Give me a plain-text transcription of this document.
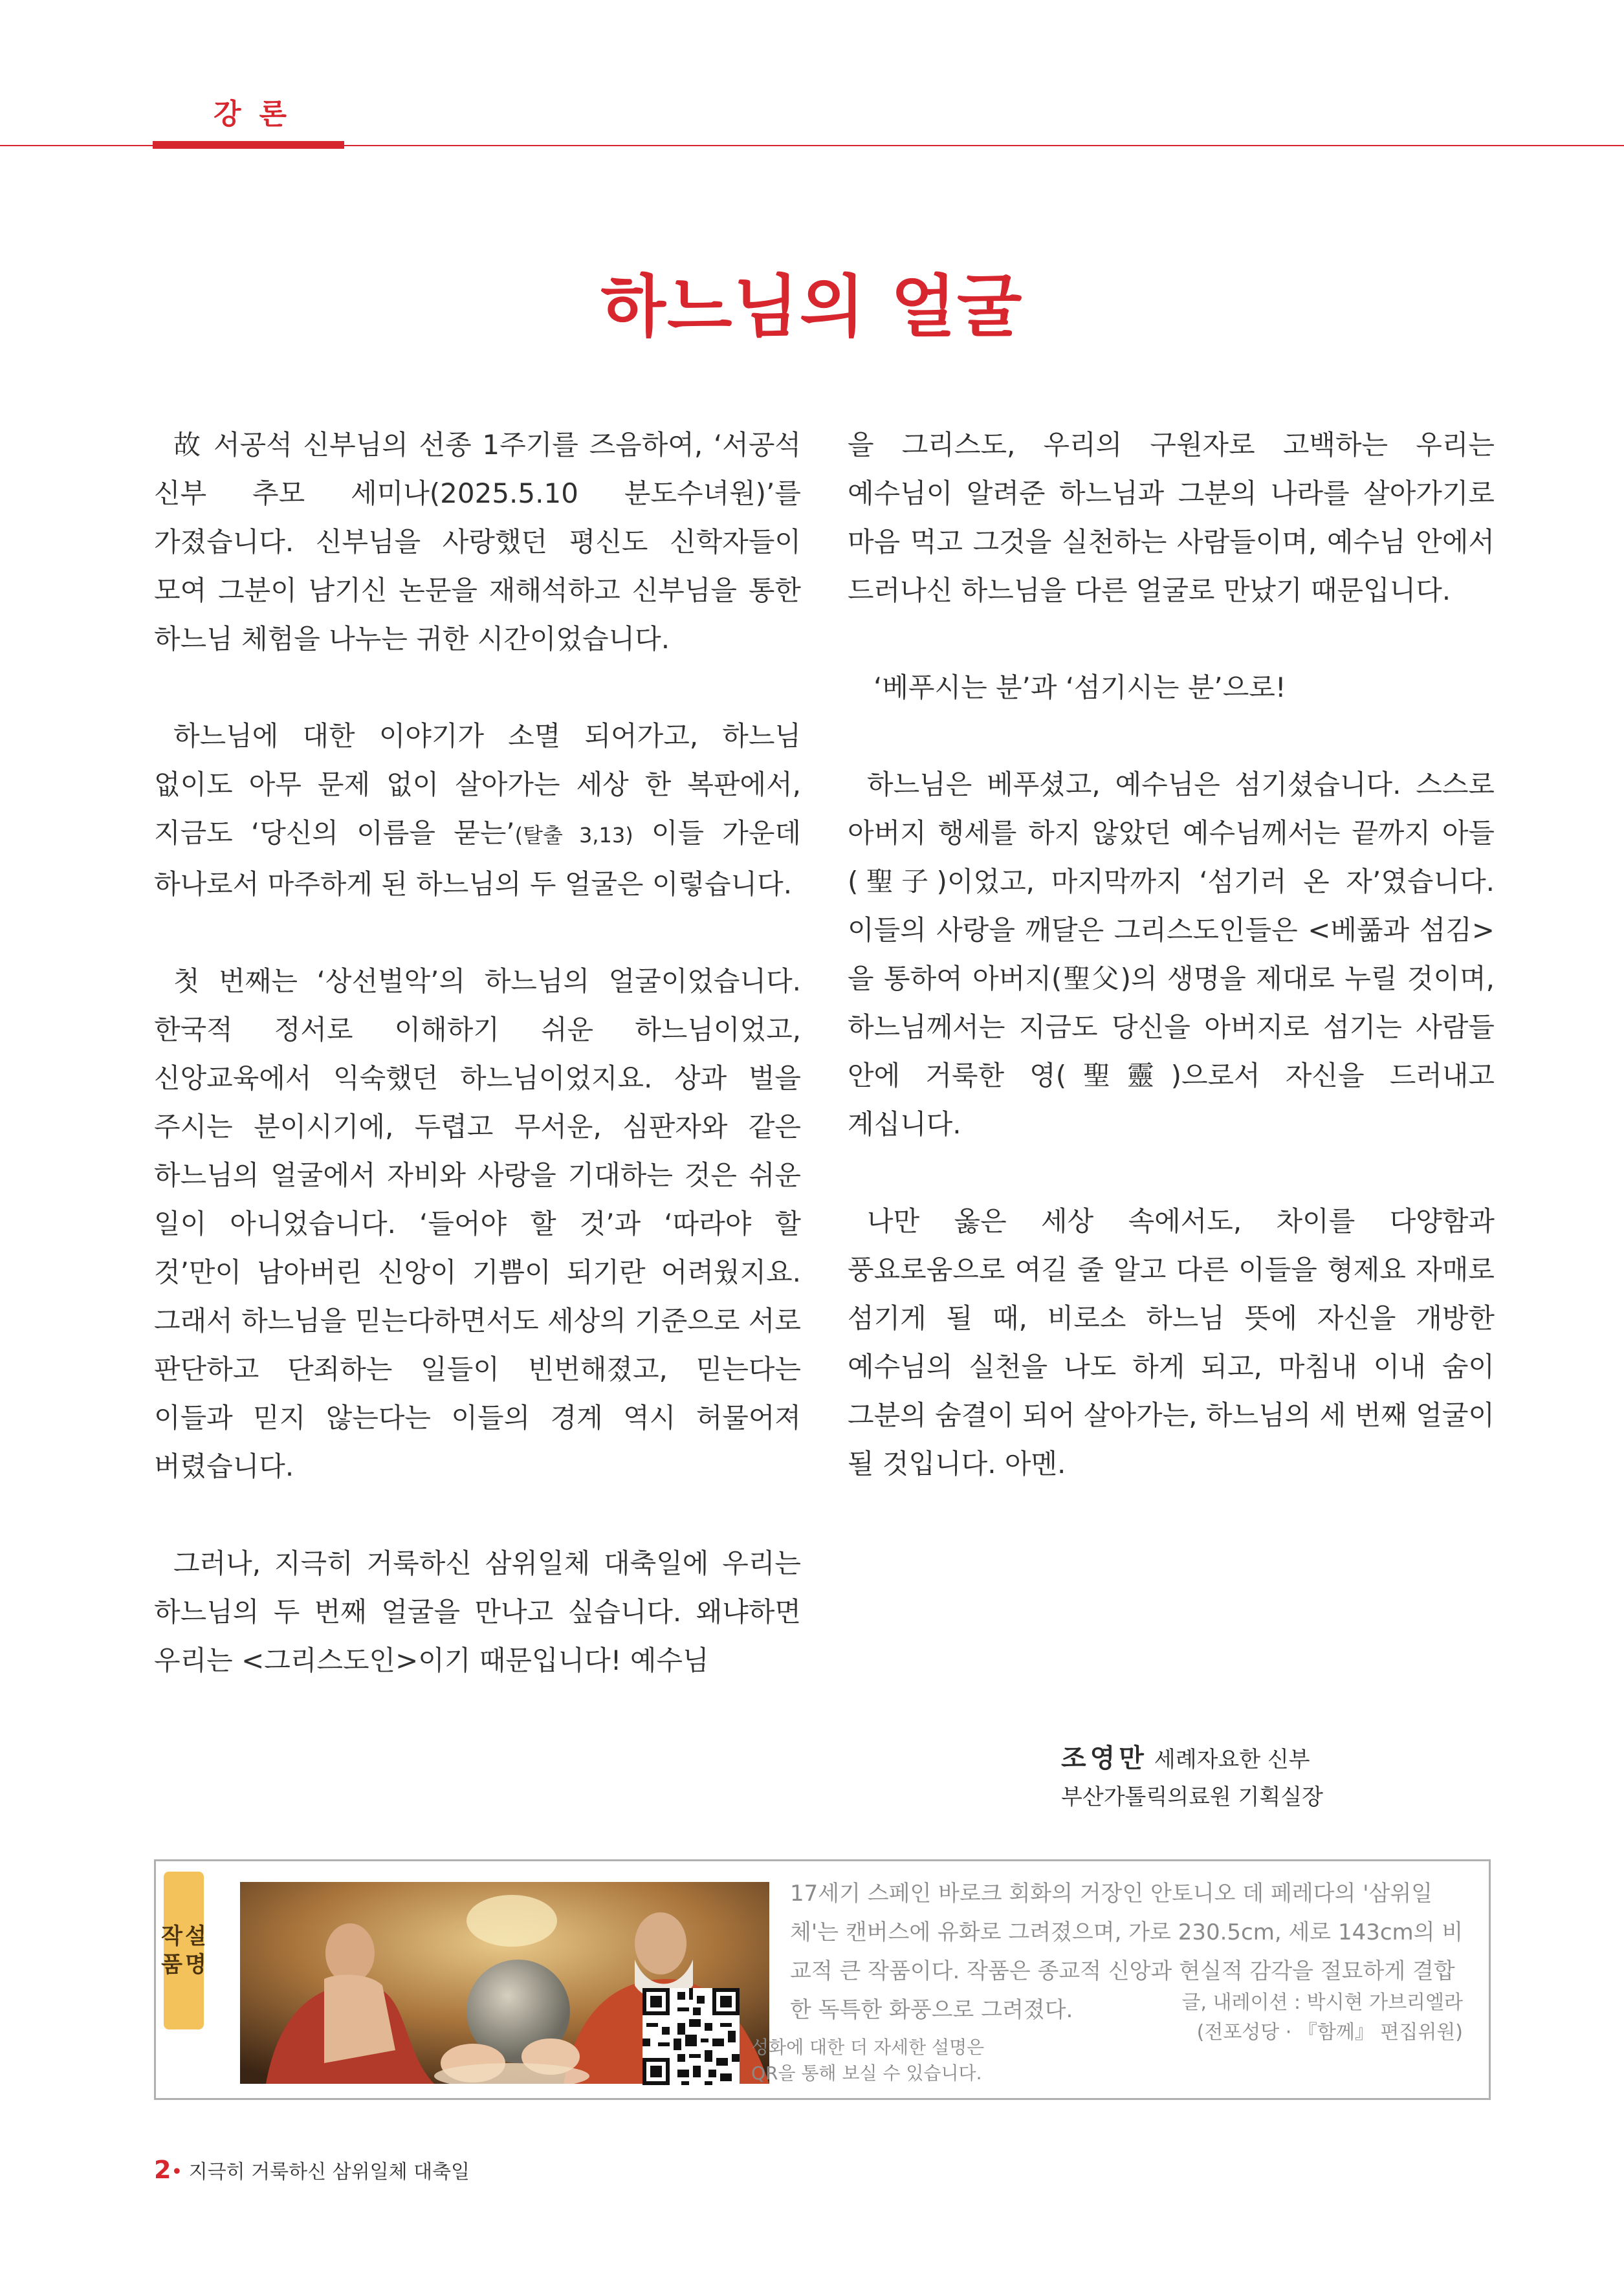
강론
하느님의 얼굴

故 서공석 신부님의 선종 1주기를 즈음하여, ‘서공석 신부 추모 세미나(2025.5.10 분도수녀원)’를 가졌습니다. 신부님을 사랑했던 평신도 신학자들이 모여 그분이 남기신 논문을 재해석하고 신부님을 통한 하느님 체험을 나누는 귀한 시간이었습니다.

하느님에 대한 이야기가 소멸 되어가고, 하느님 없이도 아무 문제 없이 살아가는 세상 한 복판에서, 지금도 ‘당신의 이름을 묻는’(탈출 3,13) 이들 가운데 하나로서 마주하게 된 하느님의 두 얼굴은 이렇습니다.

첫 번째는 ‘상선벌악’의 하느님의 얼굴이었습니다. 한국적 정서로 이해하기 쉬운 하느님이었고, 신앙교육에서 익숙했던 하느님이었지요. 상과 벌을 주시는 분이시기에, 두렵고 무서운, 심판자와 같은 하느님의 얼굴에서 자비와 사랑을 기대하는 것은 쉬운 일이 아니었습니다. ‘들어야 할 것’과 ‘따라야 할 것’만이 남아버린 신앙이 기쁨이 되기란 어려웠지요. 그래서 하느님을 믿는다하면서도 세상의 기준으로 서로 판단하고 단죄하는 일들이 빈번해졌고, 믿는다는 이들과 믿지 않는다는 이들의 경계 역시 허물어져 버렸습니다.

그러나, 지극히 거룩하신 삼위일체 대축일에 우리는 하느님의 두 번째 얼굴을 만나고 싶습니다. 왜냐하면 우리는 <그리스도인>이기 때문입니다! 예수님

을 그리스도, 우리의 구원자로 고백하는 우리는 예수님이 알려준 하느님과 그분의 나라를 살아가기로 마음 먹고 그것을 실천하는 사람들이며, 예수님 안에서 드러나신 하느님을 다른 얼굴로 만났기 때문입니다.

‘베푸시는 분’과 ‘섬기시는 분’으로!

하느님은 베푸셨고, 예수님은 섬기셨습니다. 스스로 아버지 행세를 하지 않았던 예수님께서는 끝까지 아들(聖子)이었고, 마지막까지 ‘섬기러 온 자’였습니다. 이들의 사랑을 깨달은 그리스도인들은 <베풂과 섬김>을 통하여 아버지(聖父)의 생명을 제대로 누릴 것이며, 하느님께서는 지금도 당신을 아버지로 섬기는 사람들 안에 거룩한 영(聖靈)으로서 자신을 드러내고 계십니다.

나만 옳은 세상 속에서도, 차이를 다양함과 풍요로움으로 여길 줄 알고 다른 이들을 형제요 자매로 섬기게 될 때, 비로소 하느님 뜻에 자신을 개방한 예수님의 실천을 나도 하게 되고, 마침내 이내 숨이 그분의 숨결이 되어 살아가는, 하느님의 세 번째 얼굴이 될 것입니다. 아멘.

조영만 세례자요한 신부
부산가톨릭의료원 기획실장
작
품
설
명
17세기 스페인 바로크 회화의 거장인 안토니오 데 페레다의 '삼위일체'는 캔버스에 유화로 그려졌으며, 가로 230.5cm, 세로 143cm의 비교적 큰 작품이다. 작품은 종교적 신앙과 현실적 감각을 절묘하게 결합한 독특한 화풍으로 그려졌다.	글, 내레이션 : 박시현 가브리엘라
(전포성당 · 『함께』 편집위원)
성화에 대한 더 자세한 설명은
QR을 통해 보실 수 있습니다.
2• 지극히 거룩하신 삼위일체 대축일
